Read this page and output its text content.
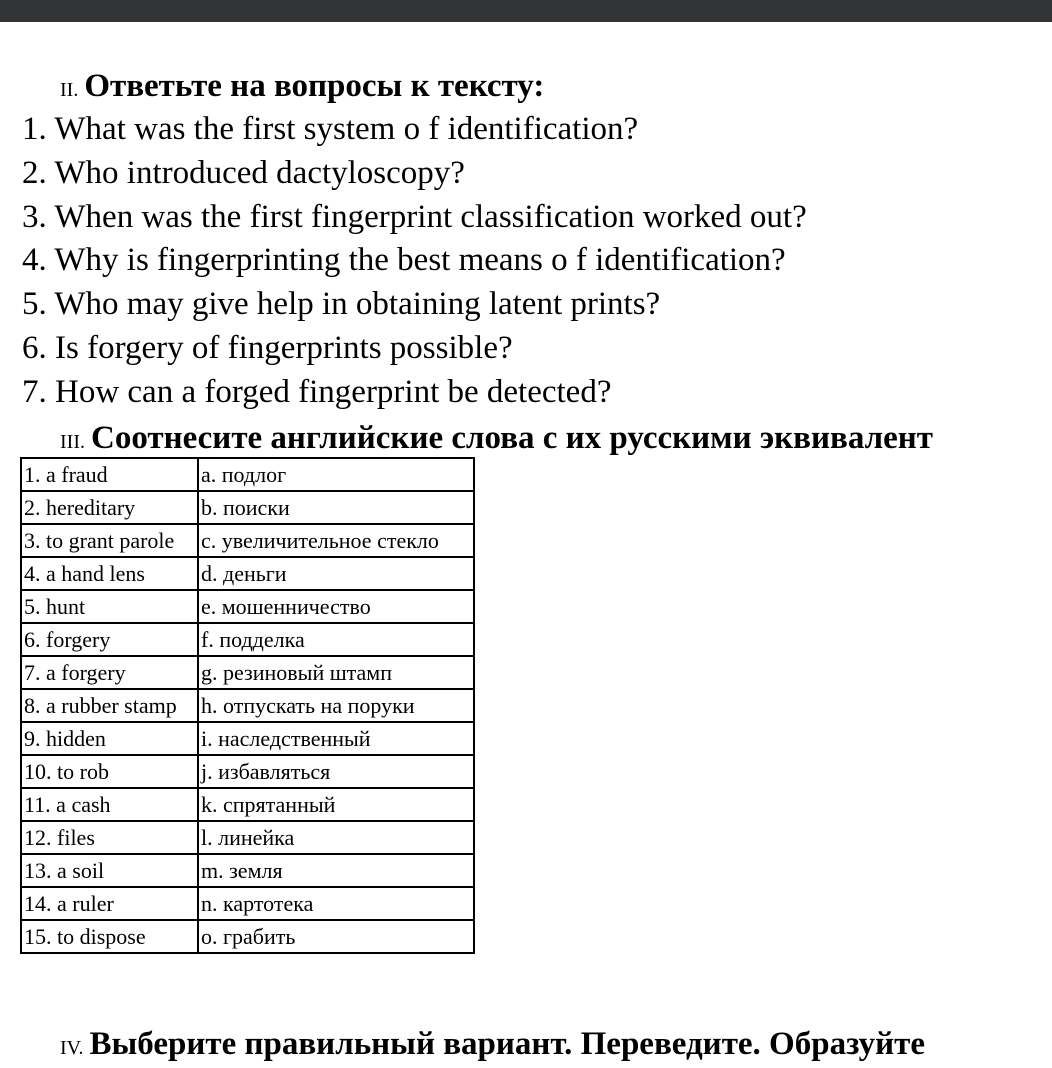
II. Ответьте на вопросы к тексту:
1. What was the first system o f identification?
2. Who introduced dactyloscopy?
3. When was the first fingerprint classification worked out?
4. Why is fingerprinting the best means o f identification?
5. Who may give help in obtaining latent prints?
6. Is forgery of fingerprints possible?
7. How can a forged fingerprint be detected?
III. Соотнесите английские слова с их русскими эквивалент
1. a fraud	a. подлог
2. hereditary	b. поиски
3. to grant parole	c. увеличительное стекло
4. a hand lens	d. деньги
5. hunt	e. мошенничество
6. forgery	f. подделка
7. a forgery	g. резиновый штамп
8. a rubber stamp	h. отпускать на поруки
9. hidden	i. наследственный
10. to rob	j. избавляться
11. a cash	k. спрятанный
12. files	l. линейка
13. a soil	m. земля
14. a ruler	n. картотека
15. to dispose	o. грабить
IV. Выберите правильный вариант. Переведите. Образуйте
